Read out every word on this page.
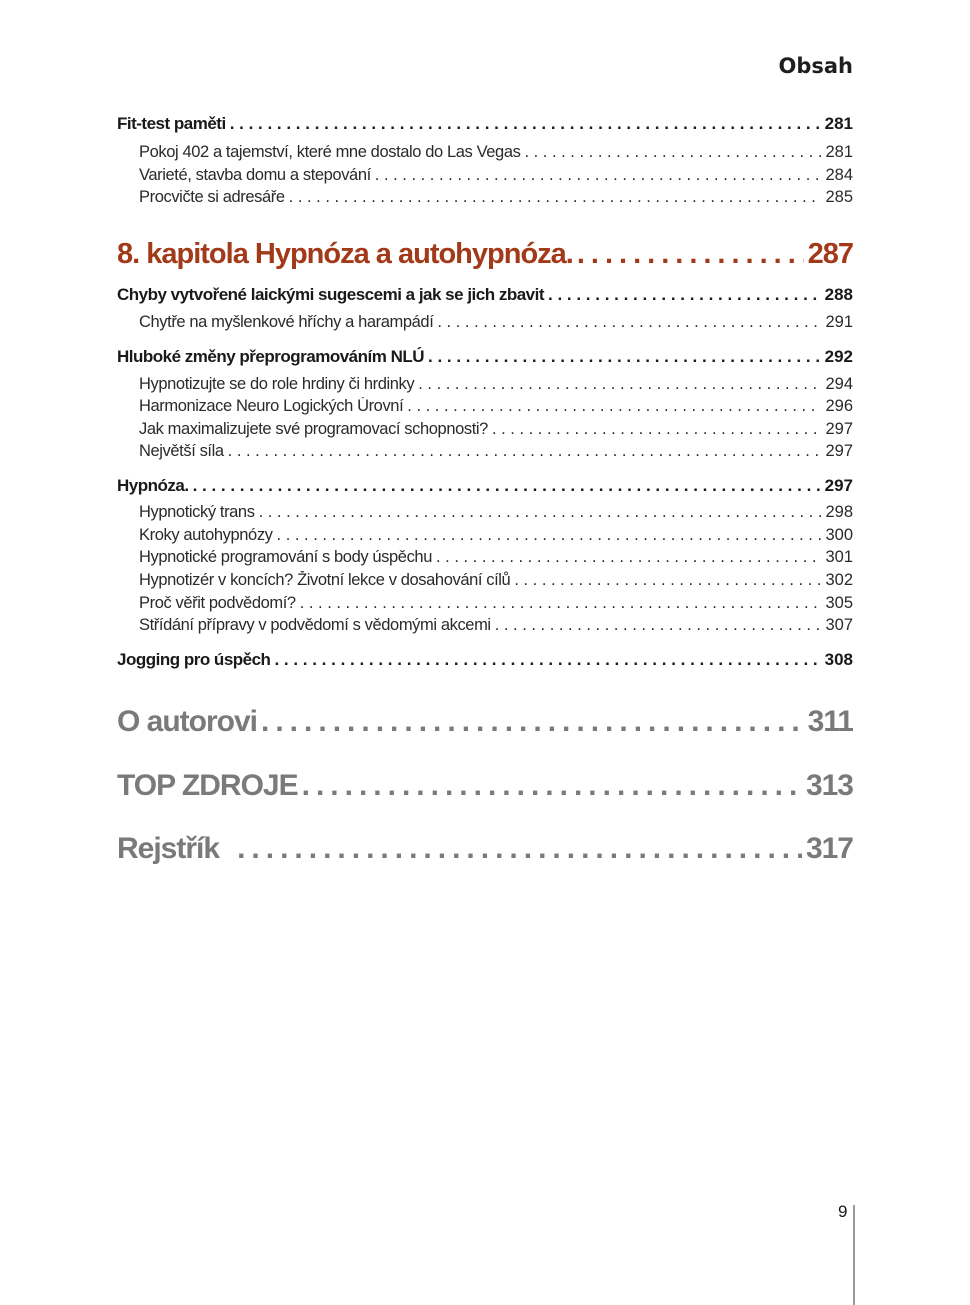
Obsah
Fit-test paměti . . .	281
Pokoj 402 a tajemství, které mne dostalo do Las Vegas . . .	281
Varieté, stavba domu a stepování . . .	284
Procvičte si adresáře . . .	285
8. kapitola Hypnóza a autohypnóza. .....	287
Chyby vytvořené laickými sugescemi a jak se jich zbavit . . .	288
Chytře na myšlenkové hříchy a harampádí . . .	291
Hluboké změny přeprogramováním NLÚ . . .	292
Hypnotizujte se do role hrdiny či hrdinky . . .	294
Harmonizace Neuro Logických Úrovní . . .	296
Jak maximalizujete své programovací schopnosti? . . .	297
Největší síla . . .	297
Hypnóza. . . .	297
Hypnotický trans . . .	298
Kroky autohypnózy . . .	300
Hypnotické programování s body úspěchu . . .	301
Hypnotizér v koncích? Životní lekce v dosahování cílů . . .	302
Proč věřit podvědomí? . . .	305
Střídání přípravy v podvědomí s vědomými akcemi . . .	307
Jogging pro úspěch . . .	308
O autorovi .....	311
TOP ZDROJE .....	313
Rejstřík .....	317
9
